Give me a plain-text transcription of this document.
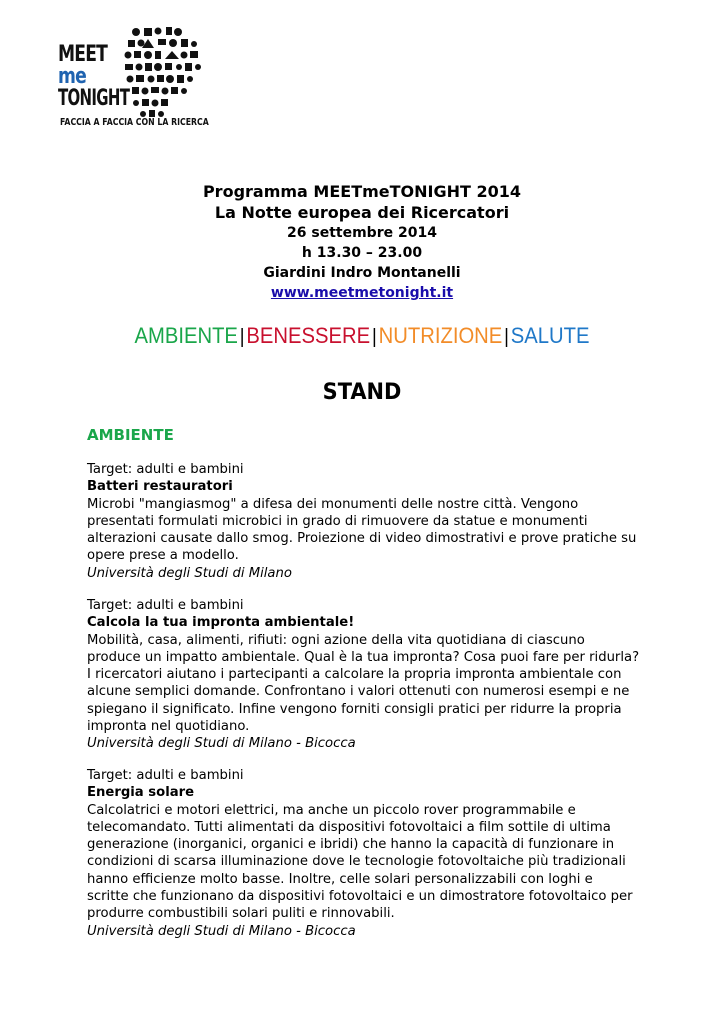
MEET
me
TONIGHT
FACCIA A FACCIA CON LA RICERCA
Programma MEETmeTONIGHT 2014
La Notte europea dei Ricercatori
26 settembre 2014
h 13.30 – 23.00
Giardini Indro Montanelli
www.meetmetonight.it
AMBIENTE|BENESSERE|NUTRIZIONE|SALUTE
STAND
AMBIENTE
Target: adulti e bambini
Batteri restauratori
Microbi "mangiasmog" a difesa dei monumenti delle nostre città. Vengono
presentati formulati microbici in grado di rimuovere da statue e monumenti
alterazioni causate dallo smog. Proiezione di video dimostrativi e prove pratiche su
opere prese a modello.
Università degli Studi di Milano
Target: adulti e bambini
Calcola la tua impronta ambientale!
Mobilità, casa, alimenti, rifiuti: ogni azione della vita quotidiana di ciascuno
produce un impatto ambientale. Qual è la tua impronta? Cosa puoi fare per ridurla?
I ricercatori aiutano i partecipanti a calcolare la propria impronta ambientale con
alcune semplici domande. Confrontano i valori ottenuti con numerosi esempi e ne
spiegano il significato. Infine vengono forniti consigli pratici per ridurre la propria
impronta nel quotidiano.
Università degli Studi di Milano - Bicocca
Target: adulti e bambini
Energia solare
Calcolatrici e motori elettrici, ma anche un piccolo rover programmabile e
telecomandato. Tutti alimentati da dispositivi fotovoltaici a film sottile di ultima
generazione (inorganici, organici e ibridi) che hanno la capacità di funzionare in
condizioni di scarsa illuminazione dove le tecnologie fotovoltaiche più tradizionali
hanno efficienze molto basse. Inoltre, celle solari personalizzabili con loghi e
scritte che funzionano da dispositivi fotovoltaici e un dimostratore fotovoltaico per
produrre combustibili solari puliti e rinnovabili.
Università degli Studi di Milano - Bicocca
